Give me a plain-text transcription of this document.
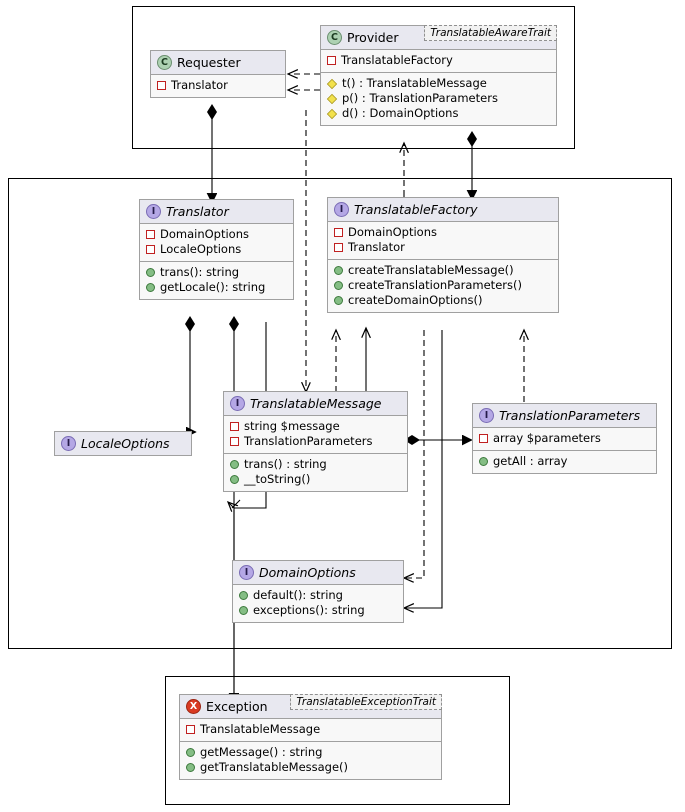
C Requester
Translator
C Provider	TranslatableAwareTrait
TranslatableFactory
t() : TranslatableMessage
p() : TranslationParameters
d() : DomainOptions
I Translator
DomainOptions
LocaleOptions
trans(): string
getLocale(): string
I TranslatableFactory
DomainOptions
Translator
createTranslatableMessage()
createTranslationParameters()
createDomainOptions()
I LocaleOptions
I TranslatableMessage
string $message
TranslationParameters
trans() : string
__toString()
I TranslationParameters
array $parameters
getAll : array
I DomainOptions
default(): string
exceptions(): string
X Exception	TranslatableExceptionTrait
TranslatableMessage
getMessage() : string
getTranslatableMessage()
